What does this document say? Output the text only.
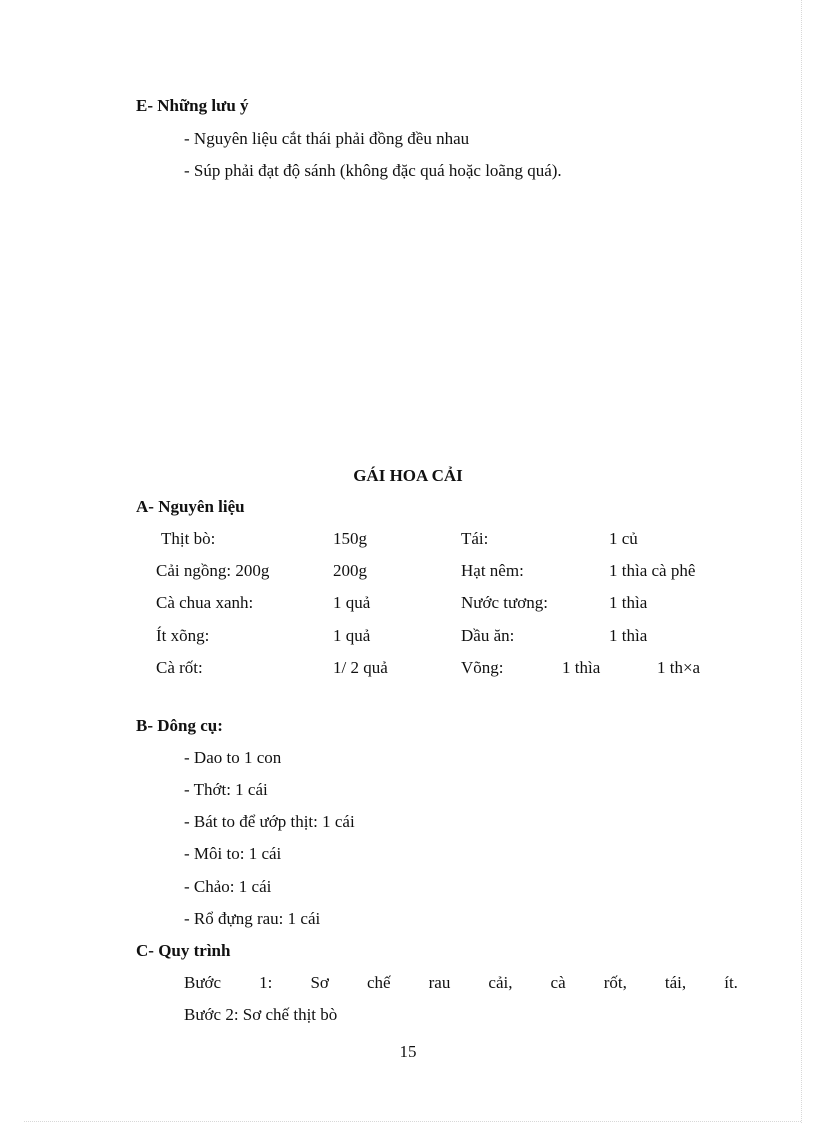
E- Những lưu ý
- Nguyên liệu cắt thái phải đồng đều nhau
- Súp phải đạt độ sánh (không đặc quá hoặc loãng quá).
GÁI HOA CẢI
A- Nguyên liệu
Thịt bò:	150g	Tái:	1 củ
Cải ngồng: 200g	200g	Hạt nêm:	1 thìa cà phê
Cà chua xanh:	1 quả	Nước tương:	1 thìa
Ít xõng:	1 quả	Dầu ăn:	1 thìa
Cà rốt:	1/ 2 quả	Võng:	1 thìa	1 th×a
B- Dông cụ:
- Dao to 1 con
- Thớt: 1 cái
- Bát to để ướp thịt: 1 cái
- Môi to: 1 cái
- Chảo: 1 cái
- Rổ đựng rau: 1 cái
C- Quy trình
Bước 1: Sơ chế rau cải, cà rốt, tái, ít.
Bước 2: Sơ chế thịt bò
15
